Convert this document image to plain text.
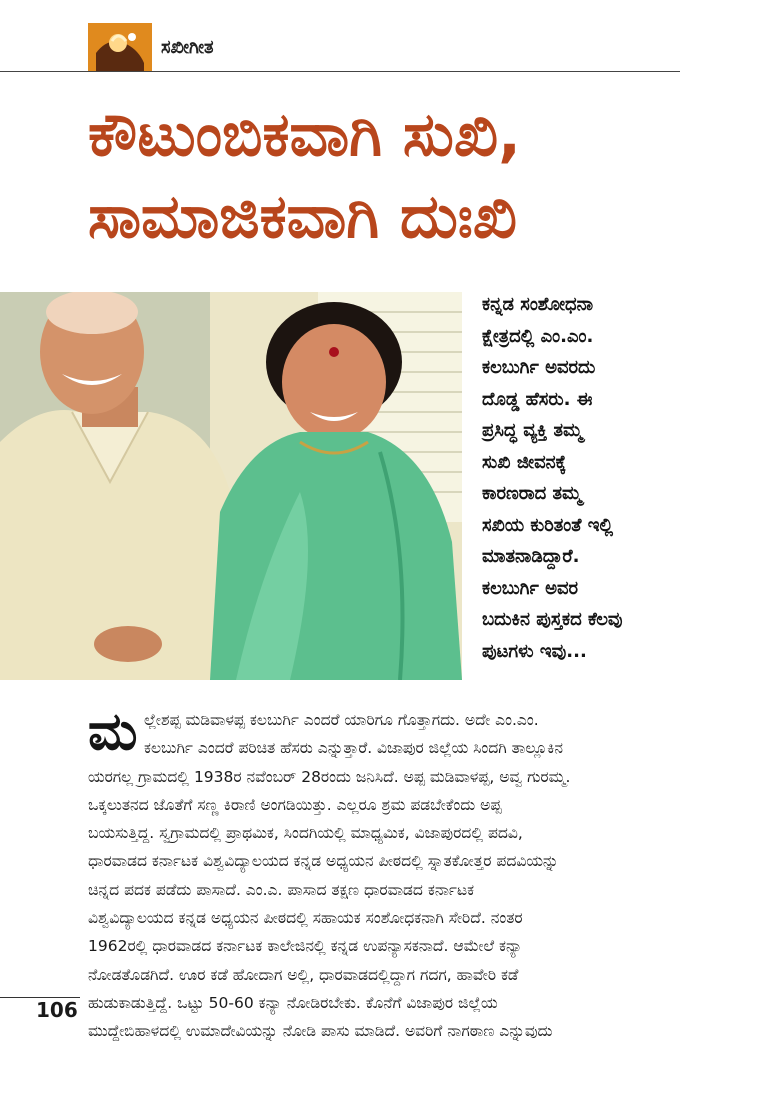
ಸಖೀಗೀತ
ಕೌಟುಂಬಿಕವಾಗಿ ಸುಖಿ,
ಸಾಮಾಜಿಕವಾಗಿ ದುಃಖಿ
ಕನ್ನಡ ಸಂಶೋಧನಾ
ಕ್ಷೇತ್ರದಲ್ಲಿ ಎಂ.ಎಂ.
ಕಲಬುರ್ಗಿ ಅವರದು
ದೊಡ್ಡ ಹೆಸರು. ಈ
ಪ್ರಸಿದ್ಧ ವ್ಯಕ್ತಿ ತಮ್ಮ
ಸುಖಿ ಜೀವನಕ್ಕೆ
ಕಾರಣರಾದ ತಮ್ಮ
ಸಖಿಯ ಕುರಿತಂತೆ ಇಲ್ಲಿ
ಮಾತನಾಡಿದ್ದಾರೆ.
ಕಲಬುರ್ಗಿ ಅವರ
ಬದುಕಿನ ಪುಸ್ತಕದ ಕೆಲವು
ಪುಟಗಳು ಇವು...
ಮ ಲ್ಲೇಶಪ್ಪ ಮಡಿವಾಳಪ್ಪ ಕಲಬುರ್ಗಿ ಎಂದರೆ ಯಾರಿಗೂ ಗೊತ್ತಾಗದು. ಅದೇ ಎಂ.ಎಂ.
ಕಲಬುರ್ಗಿ ಎಂದರೆ ಪರಿಚಿತ ಹೆಸರು ಎನ್ನುತ್ತಾರೆ. ವಿಜಾಪುರ ಜಿಲ್ಲೆಯ ಸಿಂದಗಿ ತಾಲ್ಲೂಕಿನ
ಯರಗಲ್ಲ ಗ್ರಾಮದಲ್ಲಿ 1938ರ ನವೆಂಬರ್ 28ರಂದು ಜನಿಸಿದೆ. ಅಪ್ಪ ಮಡಿವಾಳಪ್ಪ, ಅವ್ವ ಗುರಮ್ಮ.
ಒಕ್ಕಲುತನದ ಜೊತೆಗೆ ಸಣ್ಣ ಕಿರಾಣಿ ಅಂಗಡಿಯಿತ್ತು. ಎಲ್ಲರೂ ಶ್ರಮ ಪಡಬೇಕೆಂದು ಅಪ್ಪ
ಬಯಸುತ್ತಿದ್ದ. ಸ್ವಗ್ರಾಮದಲ್ಲಿ ಪ್ರಾಥಮಿಕ, ಸಿಂದಗಿಯಲ್ಲಿ ಮಾಧ್ಯಮಿಕ, ವಿಜಾಪುರದಲ್ಲಿ ಪದವಿ,
ಧಾರವಾಡದ ಕರ್ನಾಟಕ ವಿಶ್ವವಿದ್ಯಾಲಯದ ಕನ್ನಡ ಅಧ್ಯಯನ ಪೀಠದಲ್ಲಿ ಸ್ನಾತಕೋತ್ತರ ಪದವಿಯನ್ನು
ಚಿನ್ನದ ಪದಕ ಪಡೆದು ಪಾಸಾದೆ. ಎಂ.ಎ. ಪಾಸಾದ ತಕ್ಷಣ ಧಾರವಾಡದ ಕರ್ನಾಟಕ
ವಿಶ್ವವಿದ್ಯಾಲಯದ ಕನ್ನಡ ಅಧ್ಯಯನ ಪೀಠದಲ್ಲಿ ಸಹಾಯಕ ಸಂಶೋಧಕನಾಗಿ ಸೇರಿದೆ. ನಂತರ
1962ರಲ್ಲಿ ಧಾರವಾಡದ ಕರ್ನಾಟಕ ಕಾಲೇಜಿನಲ್ಲಿ ಕನ್ನಡ ಉಪನ್ಯಾಸಕನಾದೆ. ಆಮೇಲೆ ಕನ್ಯಾ
ನೋಡತೊಡಗಿದೆ. ಊರ ಕಡೆ ಹೋದಾಗ ಅಲ್ಲಿ, ಧಾರವಾಡದಲ್ಲಿದ್ದಾಗ ಗದಗ, ಹಾವೇರಿ ಕಡೆ
ಹುಡುಕಾಡುತ್ತಿದ್ದೆ. ಒಟ್ಟು 50-60 ಕನ್ಯಾ ನೋಡಿರಬೇಕು. ಕೊನೆಗೆ ವಿಜಾಪುರ ಜಿಲ್ಲೆಯ
ಮುದ್ದೇಬಿಹಾಳದಲ್ಲಿ ಉಮಾದೇವಿಯನ್ನು ನೋಡಿ ಪಾಸು ಮಾಡಿದೆ. ಅವರಿಗೆ ನಾಗಠಾಣ ಎನ್ನುವುದು
106
